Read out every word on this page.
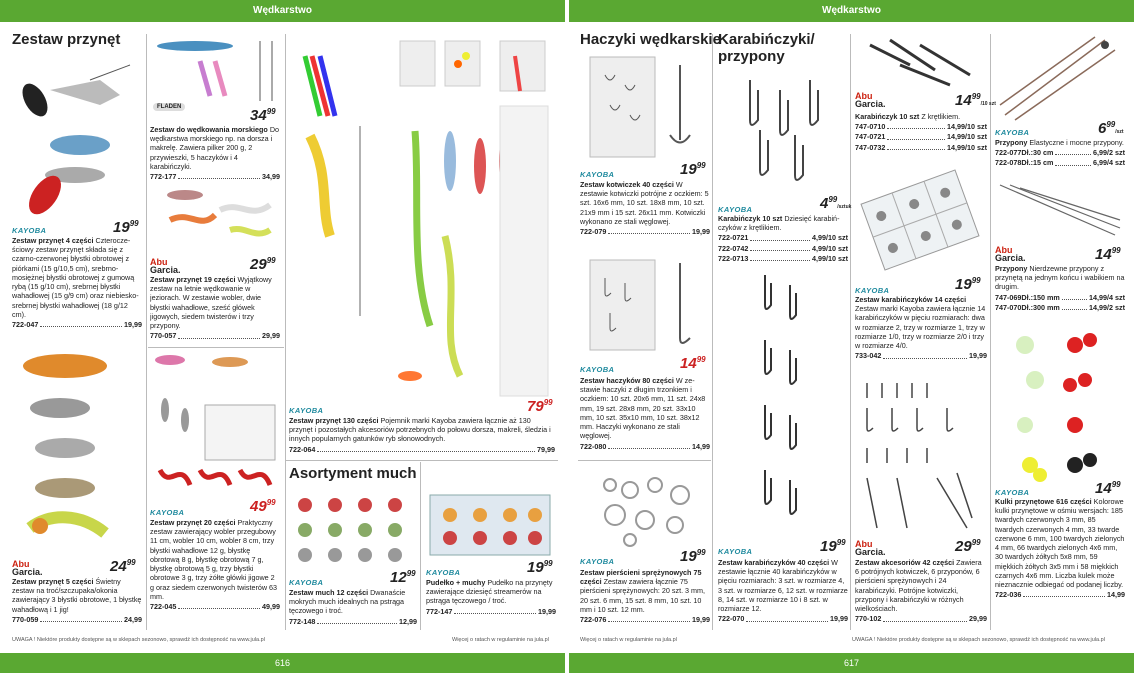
Wędkarstwo	Wędkarstwo
616	617
Zestaw przynęt
Asortyment much
Haczyki wędkarskie
Karabińczyki/ przypony
$19^{99}$
KAYOBA
Zestaw przynęt 4 części Czterocześciowy zestaw przynęt składa się z czarno-czerwonej błystki obrotowej z piórkami (15 g/10,5 cm), srebrno-mosiężnej błystki obrotowej z gumową rybą (15 g/10 cm), srebrnej błystki wahadłowej (15 g/9 cm) oraz niebiesko-srebrnej błystki wahadłowej (18 g/12 cm).
722-047	19,99
Abu
Garcia.	$24^{99}$
Zestaw przynęt 5 części Świetny zestaw na troć/szczupaka/okonia zawierający 3 błystki obrotowe, 1 błystkę wahadłową i 1 jig!
770-059	24,99
FLADEN	$34^{99}$
Zestaw do wędkowania morskiego Do wędkarstwa morskiego np. na dorsza i makrelę. Zawiera pilker 200 g, 2 przywieszki, 5 haczyków i 4 karabińczyki.
772-177	34,99
Abu
Garcia.	$29^{99}$
Zestaw przynęt 19 części Wyjątkowy zestaw na letnie wędkowanie w jeziorach. W zestawie wobler, dwie błystki wahadłowe, sześć główek jigowych, siedem twisterów i trzy przypony.
770-057	29,99
KAYOBA	$49^{99}$
Zestaw przynęt 20 części Praktyczny zestaw zawierający wobler przegubowy 11 cm, wobler 10 cm, wobler 8 cm, trzy błystki wahadłowe 12 g, błystkę obrotową 8 g, błystkę obrotową 7 g, błystkę obrotową 5 g, trzy błystki obrotowe 3 g, trzy żółte główki jigowe 2 g oraz siedem czerwonych twisterów 63 mm.
722-045	49,99
KAYOBA	$79^{99}$
Zestaw przynęt 130 części Pojemnik marki Kayoba zawiera łącznie aż 130 przynęt i pozostałych akcesoriów potrzebnych do połowu dorsza, makreli, śledzia i innych popularnych gatunków ryb słonowodnych.
722-064	79,99
KAYOBA	$12^{99}$
Zestaw much 12 części Dwanaście mokrych much idealnych na pstrąga tęczowego i troć.
772-148	12,99
KAYOBA	$19^{99}$
Pudełko + muchy Pudełko na przynęty zawierające dziesięć streamerów na pstrąga tęczowego / troć.
772-147	19,99
UWAGA ! Niektóre produkty dostępne są w sklepach sezonowo, sprawdź ich dostępność na www.jula.pl	Więcej o ratach w regulaminie na jula.pl
KAYOBA	$19^{99}$
Zestaw kotwiczek 40 części W zestawie kotwiczki potrójne z oczkiem: 5 szt. 16x6 mm, 10 szt. 18x8 mm, 10 szt. 21x9 mm i 15 szt. 26x11 mm. Kotwiczki wykonano ze stali węglowej.
722-079	19,99
KAYOBA	$14^{99}$
Zestaw haczyków 80 części W zestawie haczyki z długim trzonkiem i oczkiem: 10 szt. 20x6 mm, 11 szt. 24x8 mm, 19 szt. 28x8 mm, 20 szt. 33x10 mm, 10 szt. 35x10 mm, 10 szt. 38x12 mm. Haczyki wykonano ze stali węglowej.
722-080	14,99
KAYOBA	$19^{99}$
Zestaw pierścieni sprężynowych 75 części Zestaw zawiera łącznie 75 pierścieni sprężynowych: 20 szt. 3 mm, 20 szt. 6 mm, 15 szt. 8 mm, 10 szt. 10 mm i 10 szt. 12 mm.
722-076	19,99
KAYOBA	$4^{99}$/sztuk
Karabińczyk 10 szt Dziesięć karabińczyków z krętlikiem.
722-072 1	4,99/10 szt
722-074 2	4,99/10 szt
722-071 3	4,99/10 szt
KAYOBA	$19^{99}$
Zestaw karabińczyków 40 części W zestawie łącznie 40 karabińczyków w pięciu rozmiarach: 3 szt. w rozmiarze 4, 3 szt. w rozmiarze 6, 12 szt. w rozmiarze 8, 14 szt. w rozmiarze 10 i 8 szt. w rozmiarze 12.
722-070	19,99
Abu
Garcia.	$14^{99}/10$ szt
Karabińczyk 10 szt Z krętlikiem.
747-071 0	14,99/10 szt
747-072 1	14,99/10 szt
747-073 2	14,99/10 szt
KAYOBA	$19^{99}$
Zestaw karabińczyków 14 części Zestaw marki Kayoba zawiera łącznie 14 karabińczyków w pięciu rozmiarach: dwa w rozmiarze 2, trzy w rozmiarze 1, trzy w rozmiarze 1/0, trzy w rozmiarze 2/0 i trzy w rozmiarze 4/0.
733-042	19,99
Abu
Garcia.	$29^{99}$
Zestaw akcesoriów 42 części Zawiera 6 potrójnych kotwiczek, 6 przyponów, 6 pierścieni sprężynowych i 24 karabińczyki. Potrójne kotwiczki, przypony i karabińczyki w różnych wielkościach.
770-102	29,99
KAYOBA	$6^{99}$/szt
Przypony Elastyczne i mocne przypony.
722-077 Dł.:30 cm	6,99/2 szt
722-078 Dł.:15 cm	6,99/4 szt
Abu
Garcia.	$14^{99}$
Przypony Nierdzewne przypony z przynętą na jednym końcu i wabikiem na drugim.
747-069 Dł.:150 mm	14,99/4 szt
747-070 Dł.:300 mm	14,99/2 szt
KAYOBA	$14^{99}$
Kulki przynętowe 616 części Kolorowe kulki przynętowe w ośmiu wersjach: 185 twardych czerwonych 3 mm, 85 twardych czerwonych 4 mm, 33 twarde czerwone 6 mm, 100 twardych zielonych 4 mm, 66 twardych zielonych 4x6 mm, 30 twardych żółtych 5x8 mm, 59 miękkich żółtych 3x5 mm i 58 miękkich czarnych 4x6 mm. Liczba kulek może nieznacznie odbiegać od podanej liczby.
722-036	14,99
Więcej o ratach w regulaminie na jula.pl	UWAGA ! Niektóre produkty dostępne są w sklepach sezonowo, sprawdź ich dostępność na www.jula.pl
